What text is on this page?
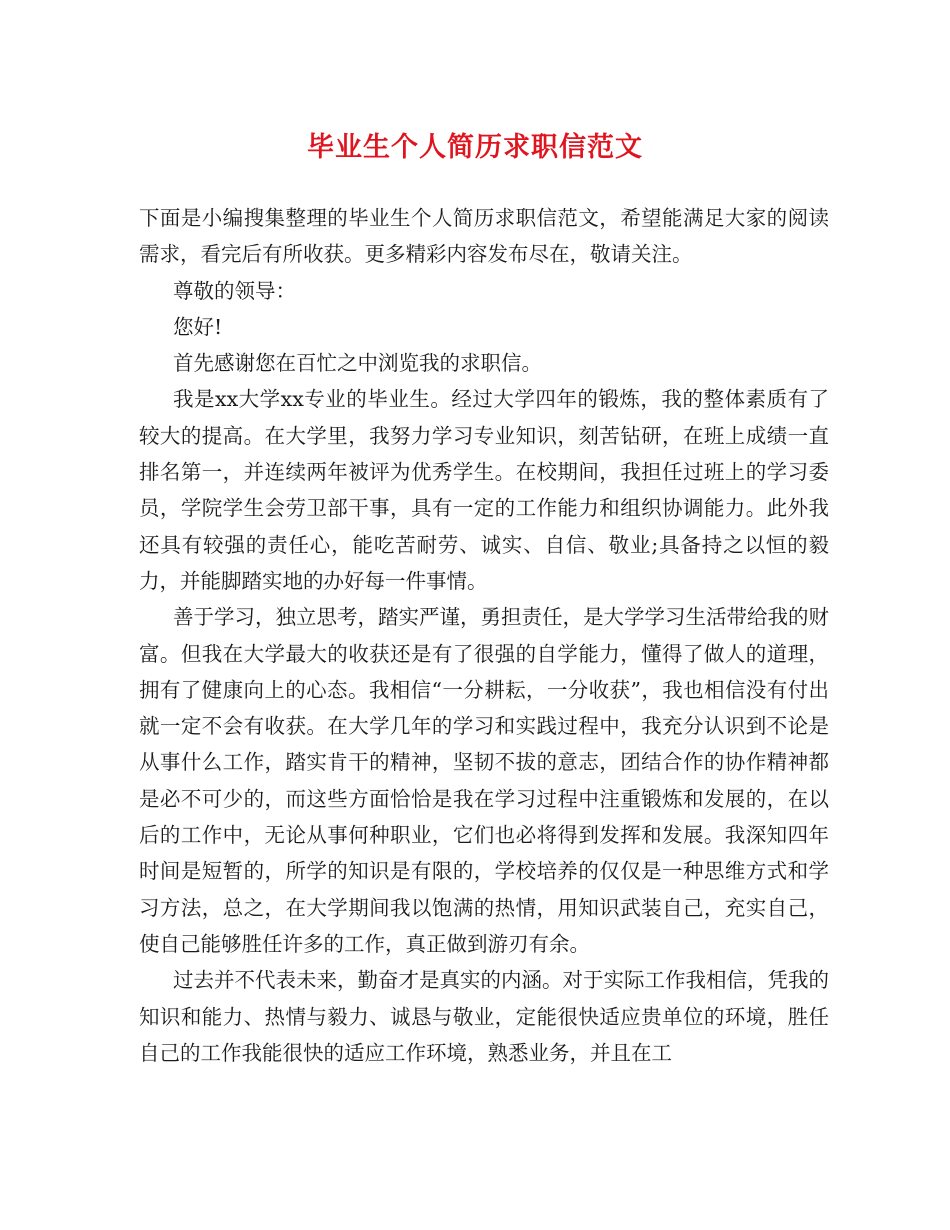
毕业生个人简历求职信范文

下面是小编搜集整理的毕业生个人简历求职信范文，希望能满足大家的阅读需求，看完后有所收获。更多精彩内容发布尽在，敬请关注。

尊敬的领导：

您好!

首先感谢您在百忙之中浏览我的求职信。

我是xx大学xx专业的毕业生。经过大学四年的锻炼，我的整体素质有了较大的提高。在大学里，我努力学习专业知识，刻苦钻研，在班上成绩一直排名第一，并连续两年被评为优秀学生。在校期间，我担任过班上的学习委员，学院学生会劳卫部干事，具有一定的工作能力和组织协调能力。此外我还具有较强的责任心，能吃苦耐劳、诚实、自信、敬业;具备持之以恒的毅力，并能脚踏实地的办好每一件事情。

善于学习，独立思考，踏实严谨，勇担责任，是大学学习生活带给我的财富。但我在大学最大的收获还是有了很强的自学能力，懂得了做人的道理，拥有了健康向上的心态。我相信“一分耕耘，一分收获”，我也相信没有付出就一定不会有收获。在大学几年的学习和实践过程中，我充分认识到不论是从事什么工作，踏实肯干的精神，坚韧不拔的意志，团结合作的协作精神都是必不可少的，而这些方面恰恰是我在学习过程中注重锻炼和发展的，在以后的工作中，无论从事何种职业，它们也必将得到发挥和发展。我深知四年时间是短暂的，所学的知识是有限的，学校培养的仅仅是一种思维方式和学习方法，总之，在大学期间我以饱满的热情，用知识武装自己，充实自己，使自己能够胜任许多的工作，真正做到游刃有余。

过去并不代表未来，勤奋才是真实的内涵。对于实际工作我相信，凭我的知识和能力、热情与毅力、诚恳与敬业，定能很快适应贵单位的环境，胜任自己的工作我能很快的适应工作环境，熟悉业务，并且在工
